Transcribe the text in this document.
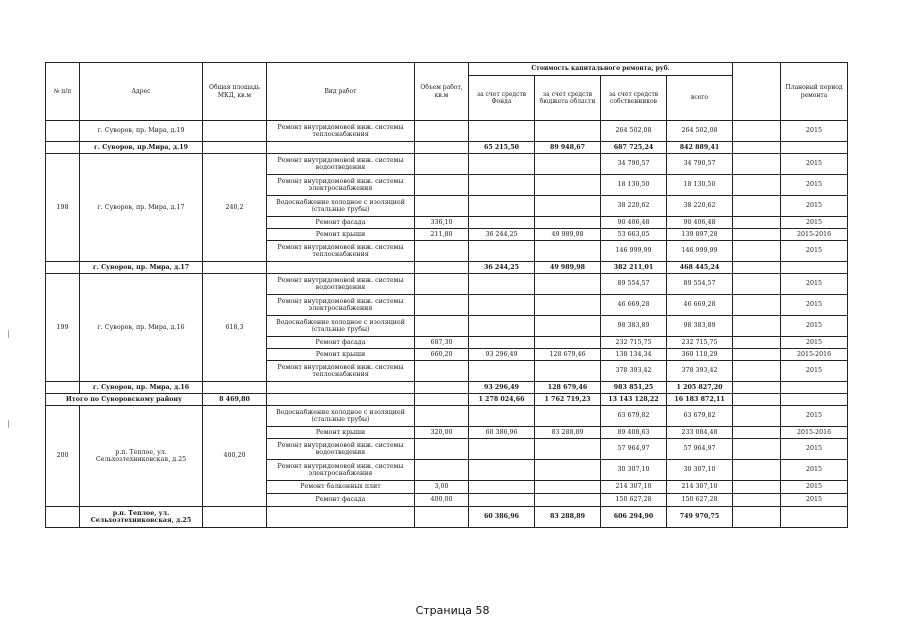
№ п/п	Адрес	Общая площадь МКД, кв.м	Вид работ	Объем работ, кв.м	Стоимость капитального ремонта, руб.					Плановый период ремонта
					за счет средств Фонда	за счет средств бюджета области	за счет средств собственников	всего		
	г. Суворов, пр. Мира, д.19		Ремонт внутридомовой инж. системы теплоснабжения				264 502,08	264 502,08		2015
	г. Суворов, пр.Мира, д.19				65 215,50	89 948,67	687 725,24	842 889,41		
198	г. Суворов, пр. Мира, д.17	240,2	Ремонт внутридомовой инж. системы водоотведения				34 790,57	34 790,57		2015
			Ремонт внутридомовой инж. системы электроснабжения				18 130,50	18 130,50		2015
			Водоснабжение холодное с изоляцией (стальные трубы)				38 220,62	38 220,62		2015
			Ремонт фасада	336,10			90 406,48	90 406,48		2015
			Ремонт крыши	211,80	36 244,25	49 989,98	53 663,05	139 897,28		2015-2016
			Ремонт внутридомовой инж. системы теплоснабжения				146 999,99	146 999,99		2015
	г. Суворов, пр. Мира, д.17				36 244,25	49 989,98	382 211,01	468 445,24		
199	г. Суворов, пр. Мира, д.16	618,3	Ремонт внутридомовой инж. системы водоотведения				89 554,57	89 554,57		2015
			Ремонт внутридомовой инж. системы электроснабжения				46 669,28	46 669,28		2015
			Водоснабжение холодное с изоляцией (стальные трубы)				98 383,89	98 383,89		2015
			Ремонт фасада	687,30			232 715,75	232 715,75		2015
			Ремонт крыши	660,20	93 296,49	128 679,46	138 134,34	360 110,29		2015-2016
			Ремонт внутридомовой инж. системы теплоснабжения				378 393,42	378 393,42		2015
	г. Суворов, пр. Мира, д.16				93 296,49	128 679,46	983 851,25	1 205 827,20		
Итого по Суворовскому району		8 469,80			1 278 024,66	1 762 719,23	13 143 128,22	16 183 872,11		
200	р.п. Теплое, ул. Сельхозтехниковская, д.25	400,20	Водоснабжение холодное с изоляцией (стальные трубы)				63 679,82	63 679,82		2015
			Ремонт крыши	320,00	60 386,96	83 288,89	89 408,63	233 084,48		2015-2016
			Ремонт внутридомовой инж. системы водоотведения				57 964,97	57 964,97		2015
			Ремонт внутридомовой инж. системы электроснабжения				30 307,10	30 307,10		2015
			Ремонт балконных плит	3,00			214 307,10	214 307,10		2015
			Ремонт фасада	400,00			150 627,28	150 627,28		2015
	р.п. Теплое, ул. Сельхозтехниковская, д.25				60 386,96	83 288,89	606 294,90	749 970,75		
Страница 58
